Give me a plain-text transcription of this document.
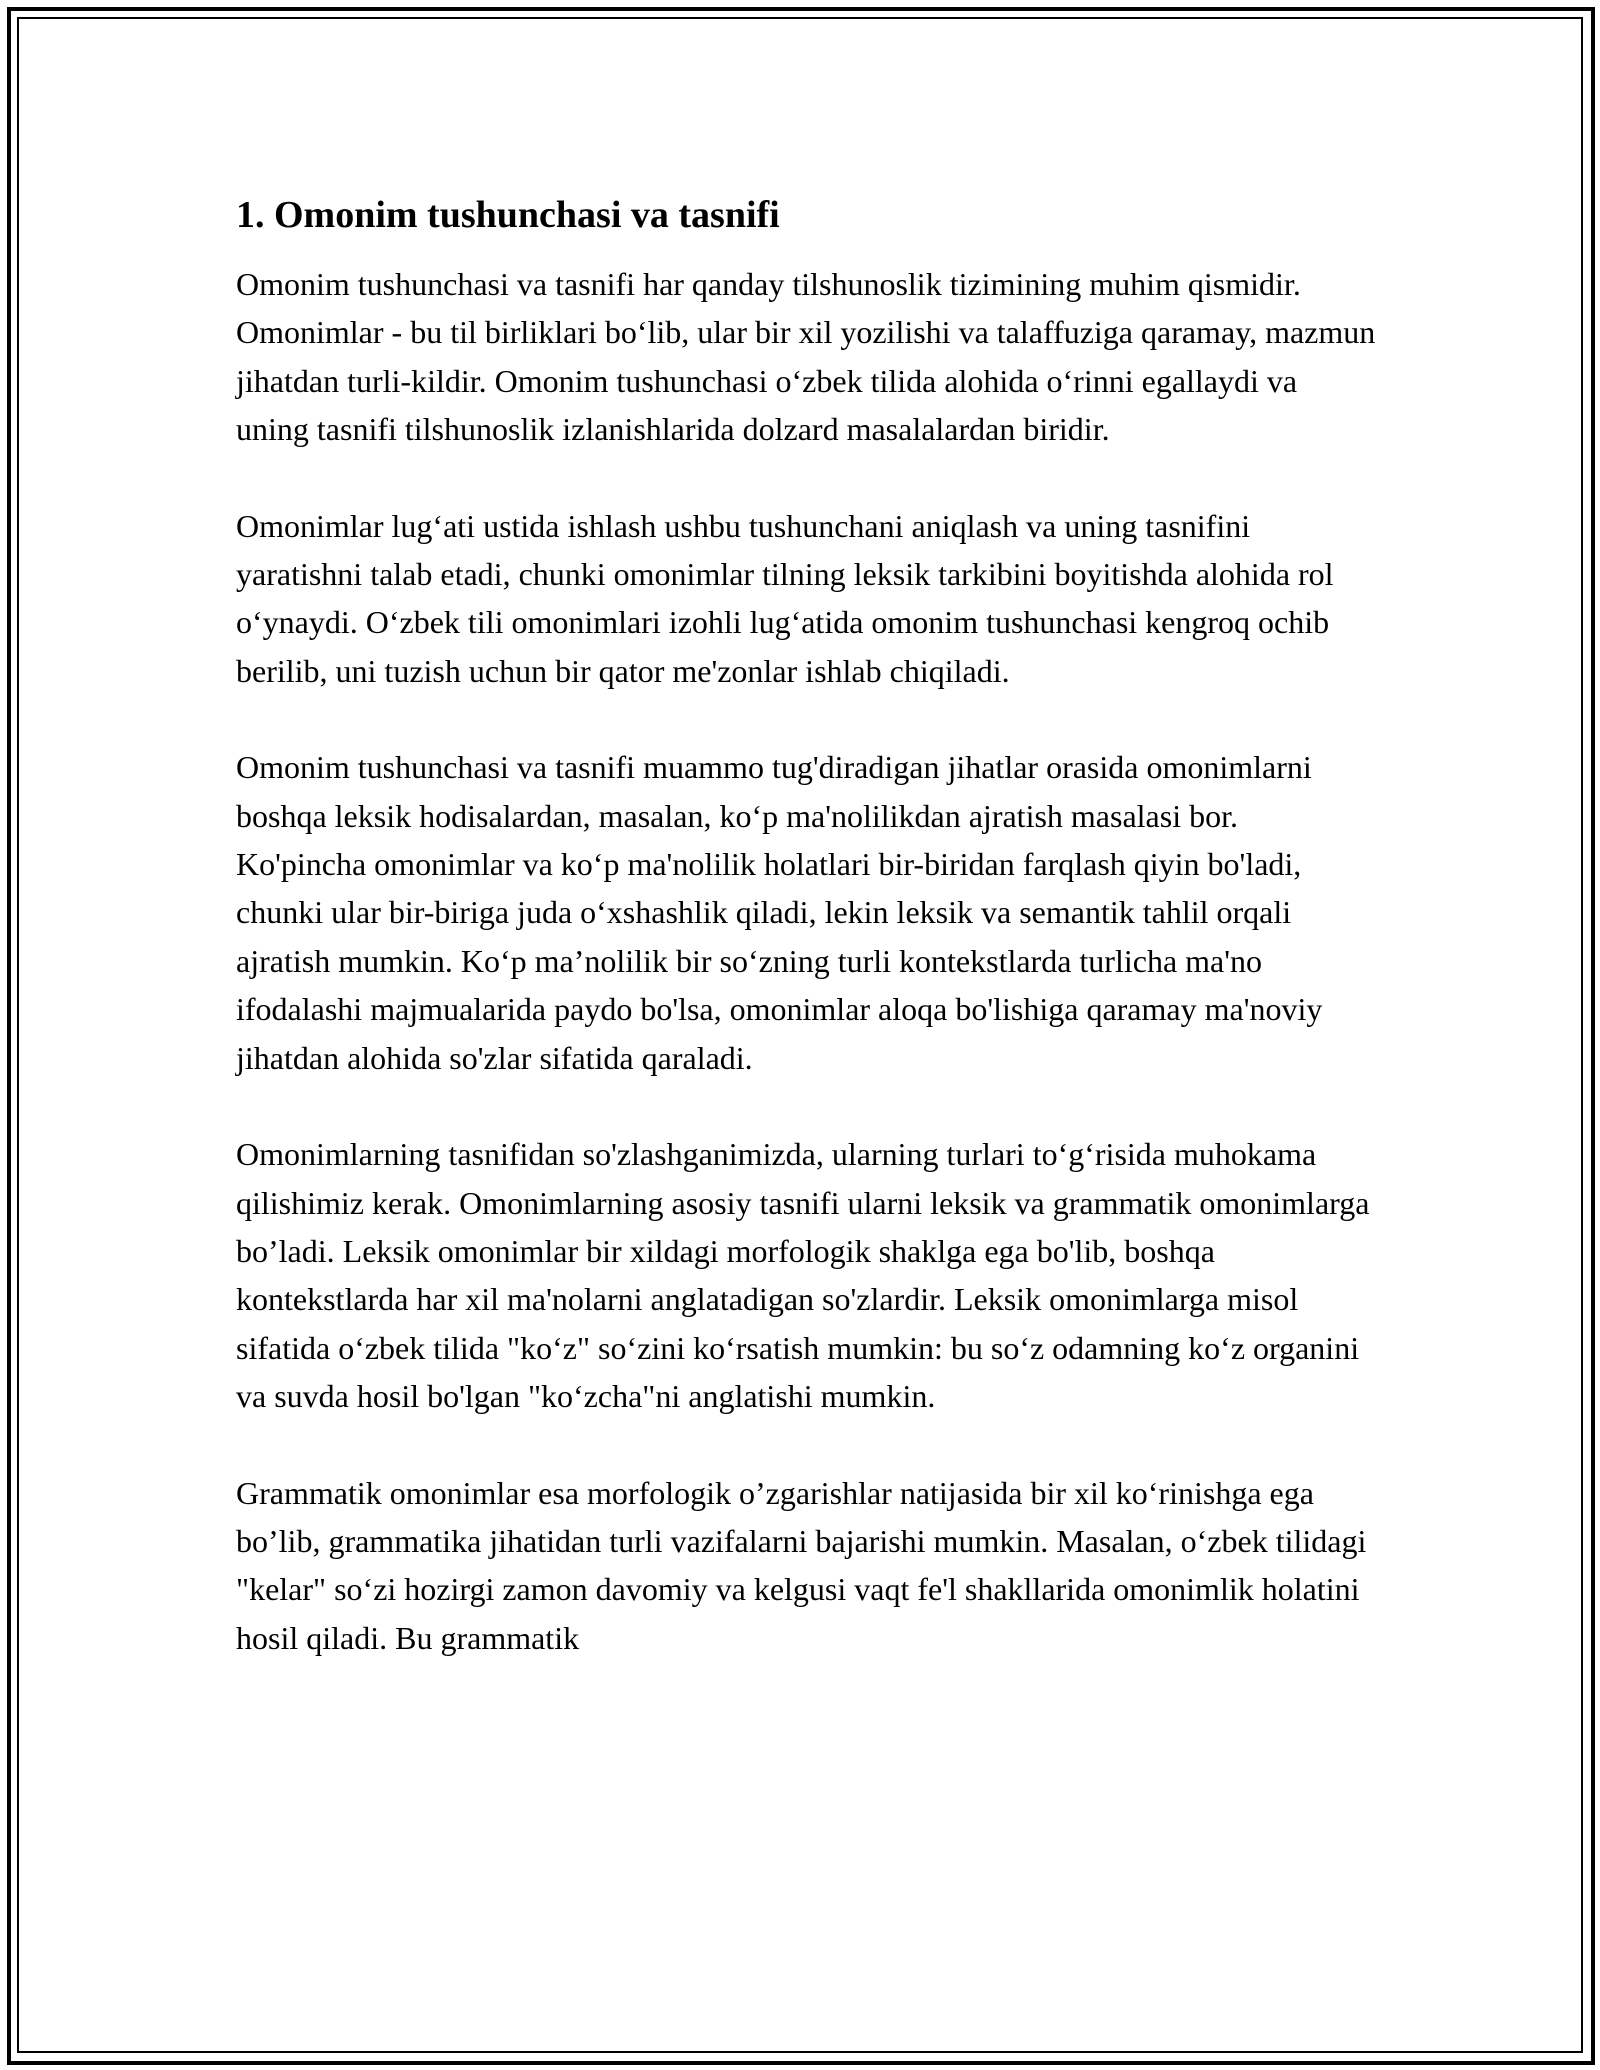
1. Omonim tushunchasi va tasnifi

Omonim tushunchasi va tasnifi har qanday tilshunoslik tizimining muhim qismidir. Omonimlar - bu til birliklari boʻlib, ular bir xil yozilishi va talaffuziga qaramay, mazmun jihatdan turli-kildir. Omonim tushunchasi oʻzbek tilida alohida oʻrinni egallaydi va uning tasnifi tilshunoslik izlanishlarida dolzard masalalardan biridir.

Omonimlar lugʻati ustida ishlash ushbu tushunchani aniqlash va uning tasnifini yaratishni talab etadi, chunki omonimlar tilning leksik tarkibini boyitishda alohida rol oʻynaydi. Oʻzbek tili omonimlari izohli lugʻatida omonim tushunchasi kengroq ochib berilib, uni tuzish uchun bir qator me'zonlar ishlab chiqiladi.

Omonim tushunchasi va tasnifi muammo tug'diradigan jihatlar orasida omonimlarni boshqa leksik hodisalardan, masalan, koʻp ma'nolilikdan ajratish masalasi bor. Ko'pincha omonimlar va koʻp ma'nolilik holatlari bir-biridan farqlash qiyin bo'ladi, chunki ular bir-biriga juda oʻxshashlik qiladi, lekin leksik va semantik tahlil orqali ajratish mumkin. Koʻp ma’nolilik bir soʻzning turli kontekstlarda turlicha ma'no ifodalashi majmualarida paydo bo'lsa, omonimlar aloqa bo'lishiga qaramay ma'noviy jihatdan alohida so'zlar sifatida qaraladi.

Omonimlarning tasnifidan so'zlashganimizda, ularning turlari toʻgʻrisida muhokama qilishimiz kerak. Omonimlarning asosiy tasnifi ularni leksik va grammatik omonimlarga bo’ladi. Leksik omonimlar bir xildagi morfologik shaklga ega bo'lib, boshqa kontekstlarda har xil ma'nolarni anglatadigan so'zlardir. Leksik omonimlarga misol sifatida oʻzbek tilida "koʻz" soʻzini koʻrsatish mumkin: bu soʻz odamning koʻz organini va suvda hosil bo'lgan "koʻzcha"ni anglatishi mumkin.

Grammatik omonimlar esa morfologik o’zgarishlar natijasida bir xil koʻrinishga ega bo’lib, grammatika jihatidan turli vazifalarni bajarishi mumkin. Masalan, oʻzbek tilidagi "kelar" soʻzi hozirgi zamon davomiy va kelgusi vaqt fe'l shakllarida omonimlik holatini hosil qiladi. Bu grammatik
